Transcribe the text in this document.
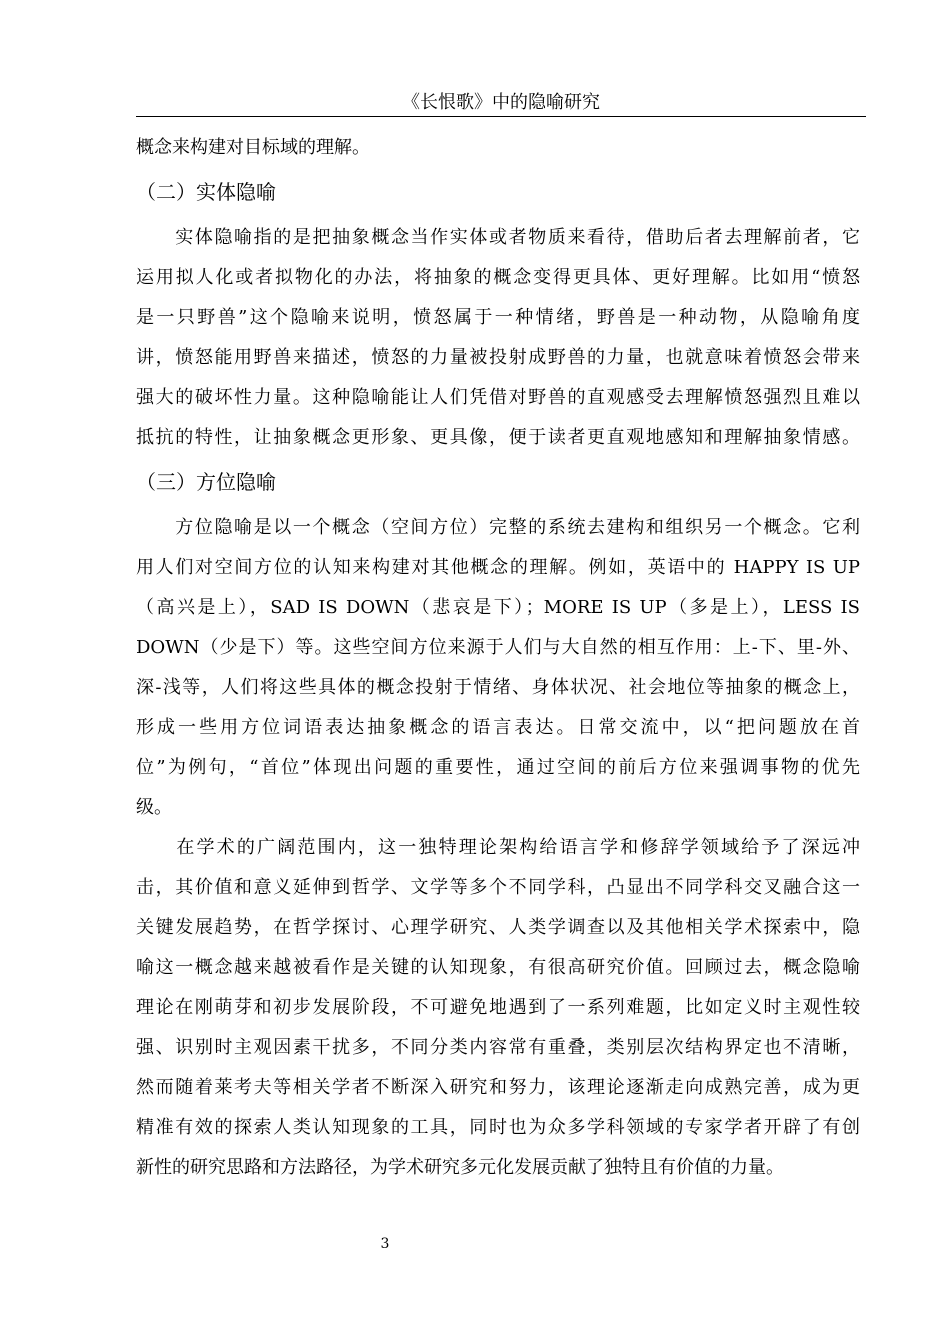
《长恨歌》中的隐喻研究
概念来构建对目标域的理解。
（二）实体隐喻
　　实体隐喻指的是把抽象概念当作实体或者物质来看待，借助后者去理解前者，它
运用拟人化或者拟物化的办法，将抽象的概念变得更具体、更好理解。比如用“愤怒
是一只野兽”这个隐喻来说明，愤怒属于一种情绪，野兽是一种动物，从隐喻角度
讲，愤怒能用野兽来描述，愤怒的力量被投射成野兽的力量，也就意味着愤怒会带来
强大的破坏性力量。这种隐喻能让人们凭借对野兽的直观感受去理解愤怒强烈且难以
抵抗的特性，让抽象概念更形象、更具像，便于读者更直观地感知和理解抽象情感。
（三）方位隐喻
　　方位隐喻是以一个概念（空间方位）完整的系统去建构和组织另一个概念。它利
用人们对空间方位的认知来构建对其他概念的理解。例如，英语中的 HAPPY IS UP
（高兴是上），SAD IS DOWN（悲哀是下）；MORE IS UP（多是上），LESS IS
DOWN（少是下）等。这些空间方位来源于人们与大自然的相互作用：上-下、里-外、
深-浅等，人们将这些具体的概念投射于情绪、身体状况、社会地位等抽象的概念上，
形成一些用方位词语表达抽象概念的语言表达。日常交流中，以“把问题放在首
位”为例句，“首位”体现出问题的重要性，通过空间的前后方位来强调事物的优先
级。
　　在学术的广阔范围内，这一独特理论架构给语言学和修辞学领域给予了深远冲
击，其价值和意义延伸到哲学、文学等多个不同学科，凸显出不同学科交叉融合这一
关键发展趋势，在哲学探讨、心理学研究、人类学调查以及其他相关学术探索中，隐
喻这一概念越来越被看作是关键的认知现象，有很高研究价值。回顾过去，概念隐喻
理论在刚萌芽和初步发展阶段，不可避免地遇到了一系列难题，比如定义时主观性较
强、识别时主观因素干扰多，不同分类内容常有重叠，类别层次结构界定也不清晰，
然而随着莱考夫等相关学者不断深入研究和努力，该理论逐渐走向成熟完善，成为更
精准有效的探索人类认知现象的工具，同时也为众多学科领域的专家学者开辟了有创
新性的研究思路和方法路径，为学术研究多元化发展贡献了独特且有价值的力量。
3
